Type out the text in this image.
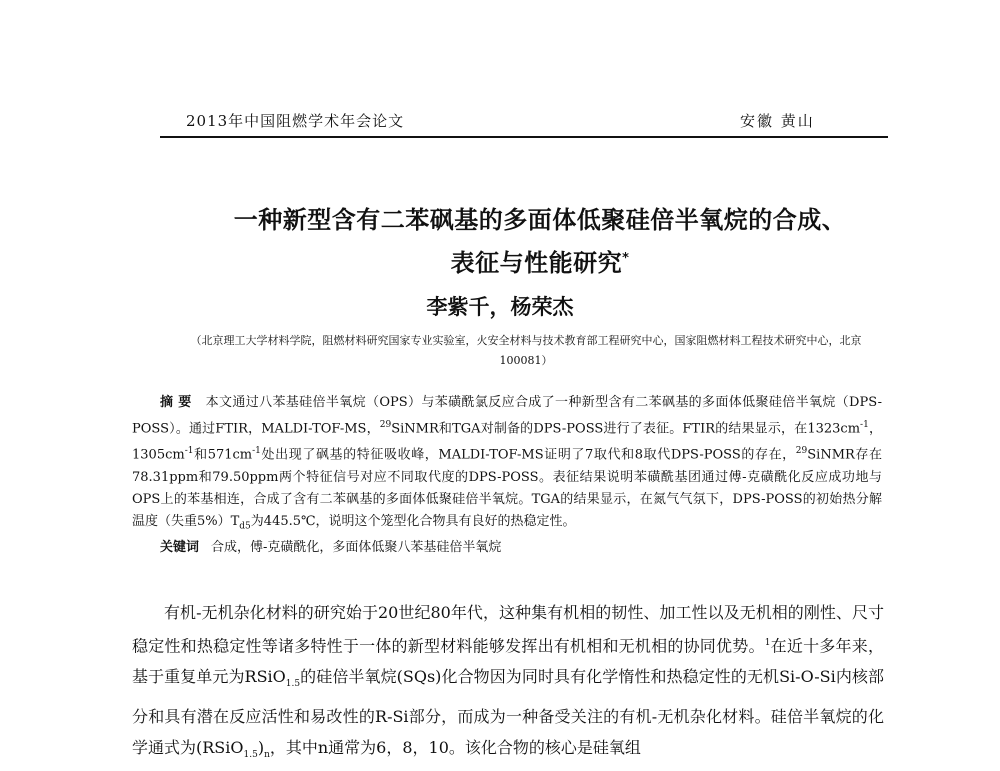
2013年中国阻燃学术年会论文	安徽 黄山
一种新型含有二苯砜基的多面体低聚硅倍半氧烷的合成、
表征与性能研究*
李紫千，杨荣杰
（北京理工大学材料学院，阻燃材料研究国家专业实验室，火安全材料与技术教育部工程研究中心，国家阻燃材料工程技术研究中心，北京 100081）

摘 要 本文通过八苯基硅倍半氧烷（OPS）与苯磺酰氯反应合成了一种新型含有二苯砜基的多面体低聚硅倍半氧烷（DPS-POSS）。通过FTIR，MALDI-TOF-MS，$^{29}$SiNMR和TGA对制备的DPS-POSS进行了表征。FTIR的结果显示，在$1323cm^{-1}$，$1305cm^{-1}$和$571cm^{-1}$处出现了砜基的特征吸收峰，MALDI-TOF-MS证明了7取代和8取代DPS-POSS的存在，$^{29}$SiNMR存在78.31ppm和79.50ppm两个特征信号对应不同取代度的DPS-POSS。表征结果说明苯磺酰基团通过傅-克磺酰化反应成功地与OPS上的苯基相连，合成了含有二苯砜基的多面体低聚硅倍半氧烷。TGA的结果显示，在氮气气氛下，DPS-POSS的初始热分解温度（失重$5\%)T_{d5}$为445.5℃，说明这个笼型化合物具有良好的热稳定性。

关键词 合成，傅-克磺酰化，多面体低聚八苯基硅倍半氧烷

有机-无机杂化材料的研究始于20世纪80年代，这种集有机相的韧性、加工性以及无机相的刚性、尺寸稳定性和热稳定性等诸多特性于一体的新型材料能够发挥出有机相和无机相的协同优势。$^1$在近十多年来，基于重复单元为RSiO$_{1.5}$的硅倍半氧烷(SQs)化合物因为同时具有化学惰性和热稳定性的无机Si-O-Si内核部分和具有潜在反应活性和易改性的R-Si部分，而成为一种备受关注的有机-无机杂化材料。硅倍半氧烷的化学通式为$(RSiO_{1.5})_n$，其中n通常为6，8，10。该化合物的核心是硅氧组
